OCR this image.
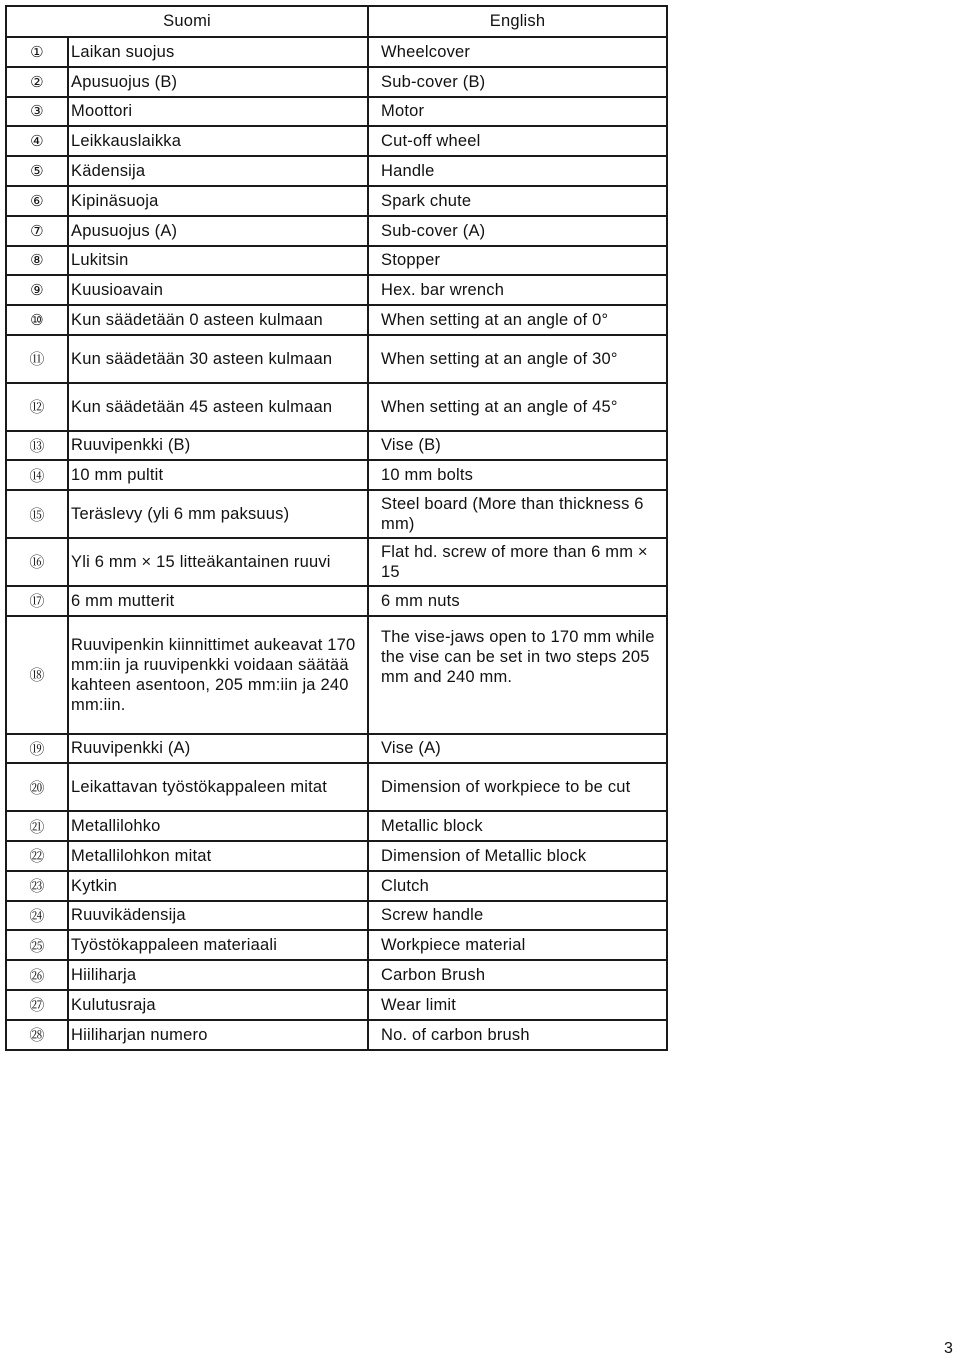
Suomi		English
①	Laikan suojus	Wheelcover
②	Apusuojus (B)	Sub-cover (B)
③	Moottori	Motor
④	Leikkauslaikka	Cut-off wheel
⑤	Kädensija	Handle
⑥	Kipinäsuoja	Spark chute
⑦	Apusuojus (A)	Sub-cover (A)
⑧	Lukitsin	Stopper
⑨	Kuusioavain	Hex. bar wrench
⑩	Kun säädetään 0 asteen kulmaan	When setting at an angle of 0°
⑪	Kun säädetään 30 asteen kulmaan	When setting at an angle of 30°
⑫	Kun säädetään 45 asteen kulmaan	When setting at an angle of 45°
⑬	Ruuvipenkki (B)	Vise (B)
⑭	10 mm pultit	10 mm bolts
⑮	Teräslevy (yli 6 mm paksuus)	Steel board (More than thickness 6 mm)
⑯	Yli 6 mm × 15 litteäkantainen ruuvi	Flat hd. screw of more than 6 mm × 15
⑰	6 mm mutterit	6 mm nuts
⑱	Ruuvipenkin kiinnittimet aukeavat 170 mm:iin ja ruuvipenkki voidaan säätää kahteen asentoon, 205 mm:iin ja 240 mm:iin.	The vise-jaws open to 170 mm while the vise can be set in two steps 205 mm and 240 mm.
⑲	Ruuvipenkki (A)	Vise (A)
⑳	Leikattavan työstökappaleen mitat	Dimension of workpiece to be cut
㉑	Metallilohko	Metallic block
㉒	Metallilohkon mitat	Dimension of Metallic block
㉓	Kytkin	Clutch
㉔	Ruuvikädensija	Screw handle
㉕	Työstökappaleen materiaali	Workpiece material
㉖	Hiiliharja	Carbon Brush
㉗	Kulutusraja	Wear limit
㉘	Hiiliharjan numero	No. of carbon brush
3
